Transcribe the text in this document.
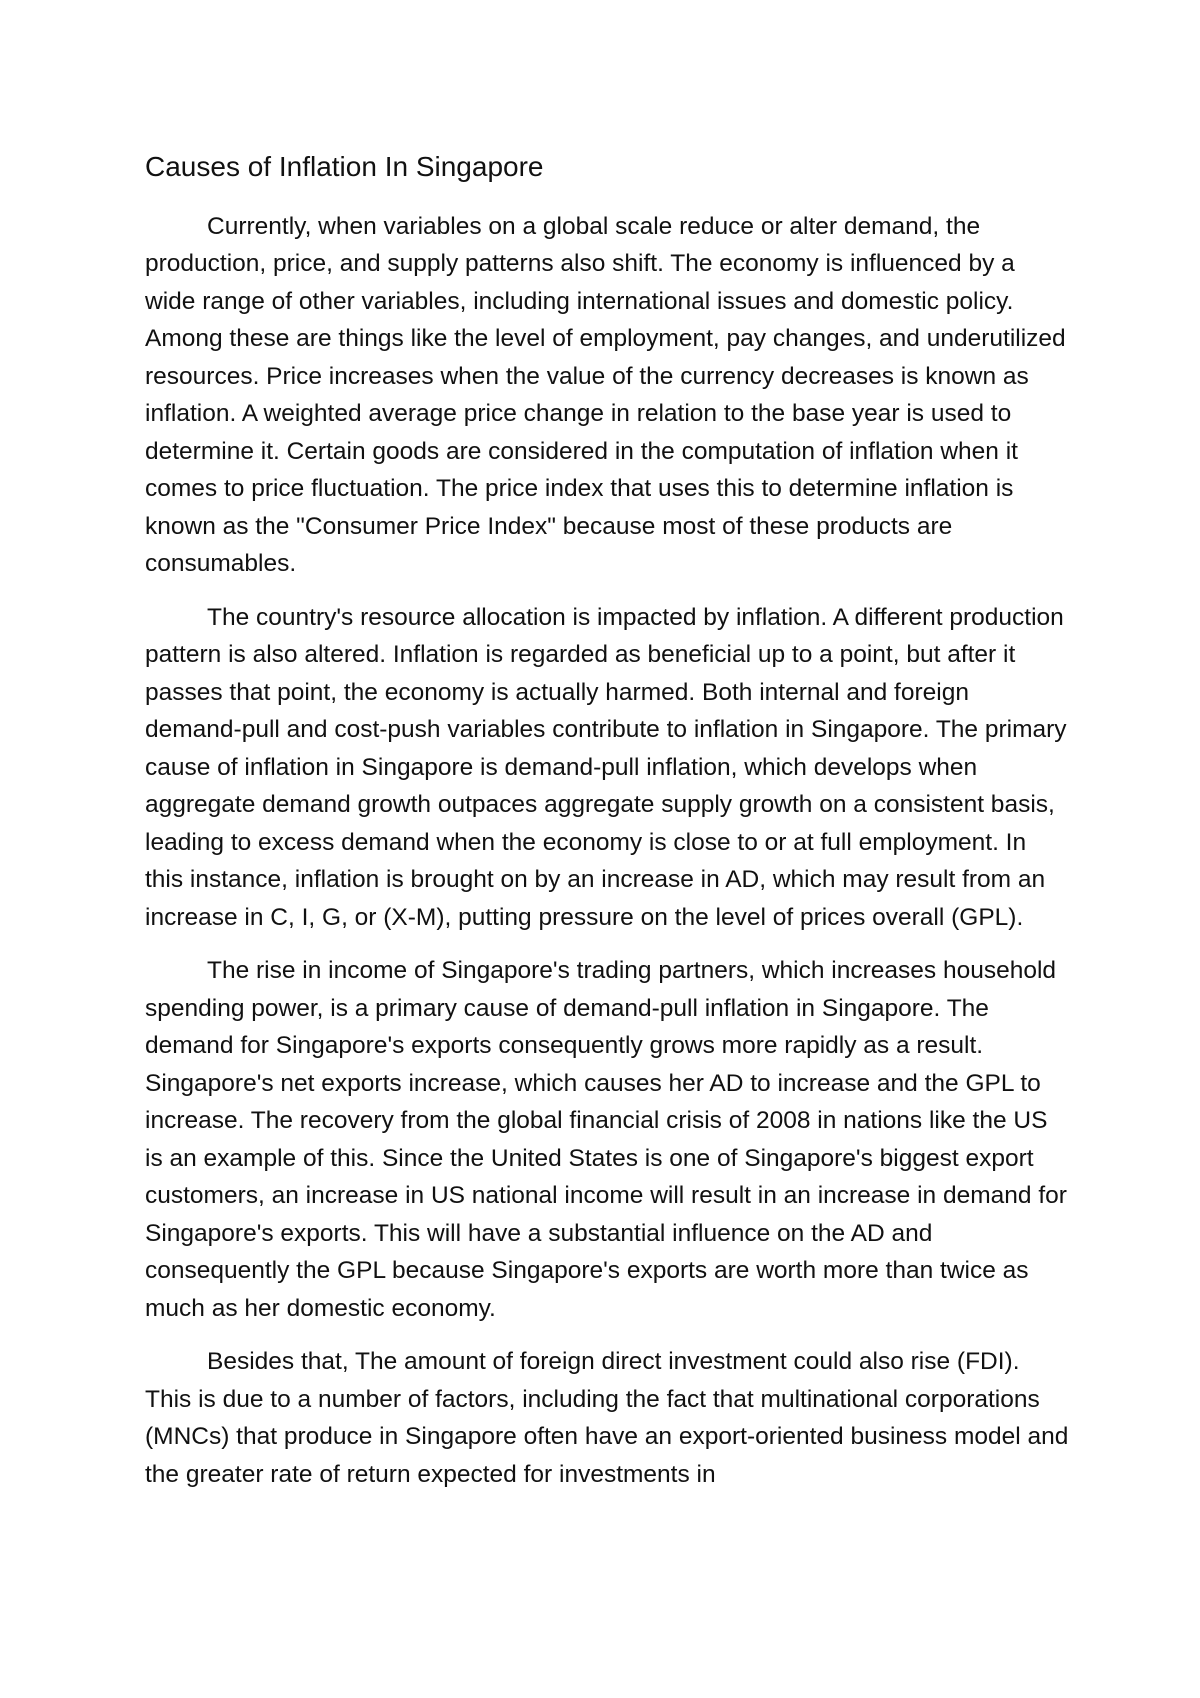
Causes of Inflation In Singapore

Currently, when variables on a global scale reduce or alter demand, the production, price, and supply patterns also shift. The economy is influenced by a wide range of other variables, including international issues and domestic policy. Among these are things like the level of employment, pay changes, and underutilized resources. Price increases when the value of the currency decreases is known as inflation. A weighted average price change in relation to the base year is used to determine it. Certain goods are considered in the computation of inflation when it comes to price fluctuation. The price index that uses this to determine inflation is known as the "Consumer Price Index" because most of these products are consumables.

The country's resource allocation is impacted by inflation. A different production pattern is also altered. Inflation is regarded as beneficial up to a point, but after it passes that point, the economy is actually harmed. Both internal and foreign demand-pull and cost-push variables contribute to inflation in Singapore. The primary cause of inflation in Singapore is demand-pull inflation, which develops when aggregate demand growth outpaces aggregate supply growth on a consistent basis, leading to excess demand when the economy is close to or at full employment. In this instance, inflation is brought on by an increase in AD, which may result from an increase in C, I, G, or (X-M), putting pressure on the level of prices overall (GPL).

The rise in income of Singapore's trading partners, which increases household spending power, is a primary cause of demand-pull inflation in Singapore. The demand for Singapore's exports consequently grows more rapidly as a result. Singapore's net exports increase, which causes her AD to increase and the GPL to increase. The recovery from the global financial crisis of 2008 in nations like the US is an example of this. Since the United States is one of Singapore's biggest export customers, an increase in US national income will result in an increase in demand for Singapore's exports. This will have a substantial influence on the AD and consequently the GPL because Singapore's exports are worth more than twice as much as her domestic economy.

Besides that, The amount of foreign direct investment could also rise (FDI). This is due to a number of factors, including the fact that multinational corporations (MNCs) that produce in Singapore often have an export-oriented business model and the greater rate of return expected for investments in
